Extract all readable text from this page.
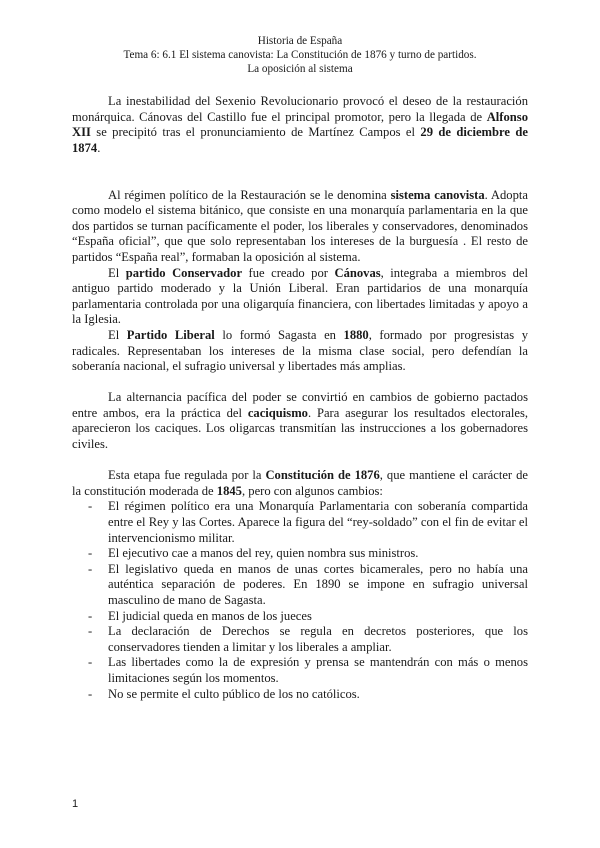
Historia de España
Tema 6: 6.1 El sistema canovista: La Constitución de 1876 y turno de partidos.
La oposición al sistema

La inestabilidad del Sexenio Revolucionario provocó el deseo de la restauración monárquica. Cánovas del Castillo fue el principal promotor, pero la llegada de Alfonso XII se precipitó tras el pronunciamiento de Martínez Campos el 29 de diciembre de 1874.

Al régimen político de la Restauración se le denomina sistema canovista. Adopta como modelo el sistema bitánico, que consiste en una monarquía parlamentaria en la que dos partidos se turnan pacíficamente el poder, los liberales y conservadores, denominados “España oficial”, que que solo representaban los intereses de la burguesía . El resto de partidos “España real”, formaban la oposición al sistema.

El partido Conservador fue creado por Cánovas, integraba a miembros del antiguo partido moderado y la Unión Liberal. Eran partidarios de una monarquía parlamentaria controlada por una oligarquía financiera, con libertades limitadas y apoyo a la Iglesia.

El Partido Liberal lo formó Sagasta en 1880, formado por progresistas y radicales. Representaban los intereses de la misma clase social, pero defendían la soberanía nacional, el sufragio universal y libertades más amplias.

La alternancia pacífica del poder se convirtió en cambios de gobierno pactados entre ambos, era la práctica del caciquismo. Para asegurar los resultados electorales, aparecieron los caciques. Los oligarcas transmitían las instrucciones a los gobernadores civiles.

Esta etapa fue regulada por la Constitución de 1876, que mantiene el carácter de la constitución moderada de 1845, pero con algunos cambios:

- El régimen político era una Monarquía Parlamentaria con soberanía compartida entre el Rey y las Cortes. Aparece la figura del “rey-soldado” con el fin de evitar el intervencionismo militar.
- El ejecutivo cae a manos del rey, quien nombra sus ministros.
- El legislativo queda en manos de unas cortes bicamerales, pero no había una auténtica separación de poderes. En 1890 se impone en sufragio universal masculino de mano de Sagasta.
- El judicial queda en manos de los jueces
- La declaración de Derechos se regula en decretos posteriores, que los conservadores tienden a limitar y los liberales a ampliar.
- Las libertades como la de expresión y prensa se mantendrán con más o menos limitaciones según los momentos.
- No se permite el culto público de los no católicos.
1
